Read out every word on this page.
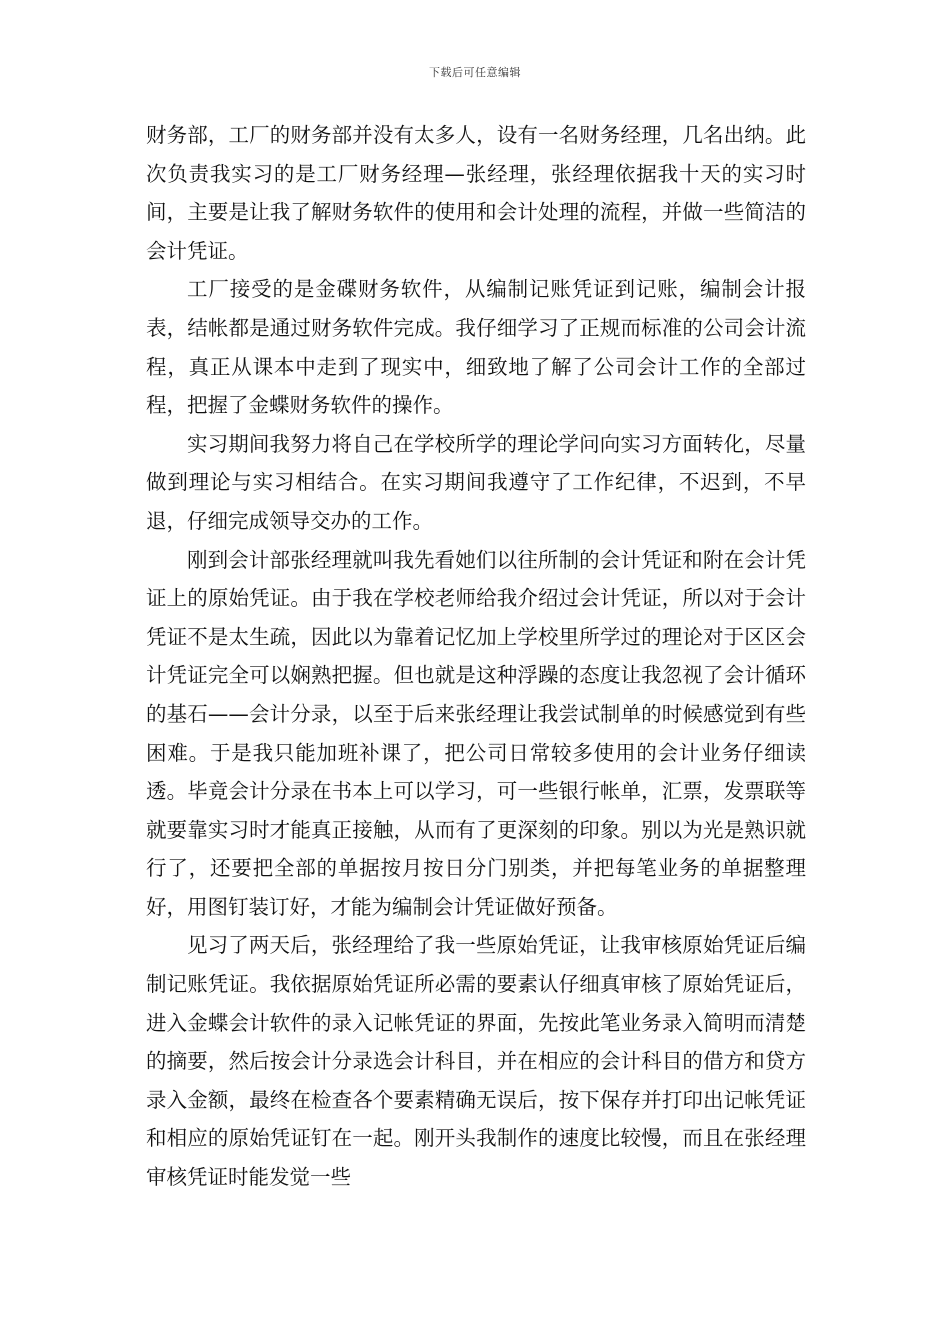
下载后可任意编辑

财务部，工厂的财务部并没有太多人，设有一名财务经理，几名出纳。此次负责我实习的是工厂财务经理—张经理，张经理依据我十天的实习时间，主要是让我了解财务软件的使用和会计处理的流程，并做一些简洁的会计凭证。

工厂接受的是金碟财务软件，从编制记账凭证到记账，编制会计报表，结帐都是通过财务软件完成。我仔细学习了正规而标准的公司会计流程，真正从课本中走到了现实中，细致地了解了公司会计工作的全部过程，把握了金蝶财务软件的操作。

实习期间我努力将自己在学校所学的理论学问向实习方面转化，尽量做到理论与实习相结合。在实习期间我遵守了工作纪律，不迟到，不早退，仔细完成领导交办的工作。

刚到会计部张经理就叫我先看她们以往所制的会计凭证和附在会计凭证上的原始凭证。由于我在学校老师给我介绍过会计凭证，所以对于会计凭证不是太生疏，因此以为靠着记忆加上学校里所学过的理论对于区区会计凭证完全可以娴熟把握。但也就是这种浮躁的态度让我忽视了会计循环的基石——会计分录，以至于后来张经理让我尝试制单的时候感觉到有些困难。于是我只能加班补课了，把公司日常较多使用的会计业务仔细读透。毕竟会计分录在书本上可以学习，可一些银行帐单，汇票，发票联等就要靠实习时才能真正接触，从而有了更深刻的印象。别以为光是熟识就行了，还要把全部的单据按月按日分门别类，并把每笔业务的单据整理好，用图钉装订好，才能为编制会计凭证做好预备。

见习了两天后，张经理给了我一些原始凭证，让我审核原始凭证后编制记账凭证。我依据原始凭证所必需的要素认仔细真审核了原始凭证后，进入金蝶会计软件的录入记帐凭证的界面，先按此笔业务录入简明而清楚的摘要，然后按会计分录选会计科目，并在相应的会计科目的借方和贷方录入金额，最终在检查各个要素精确无误后，按下保存并打印出记帐凭证和相应的原始凭证钉在一起。刚开头我制作的速度比较慢，而且在张经理审核凭证时能发觉一些
